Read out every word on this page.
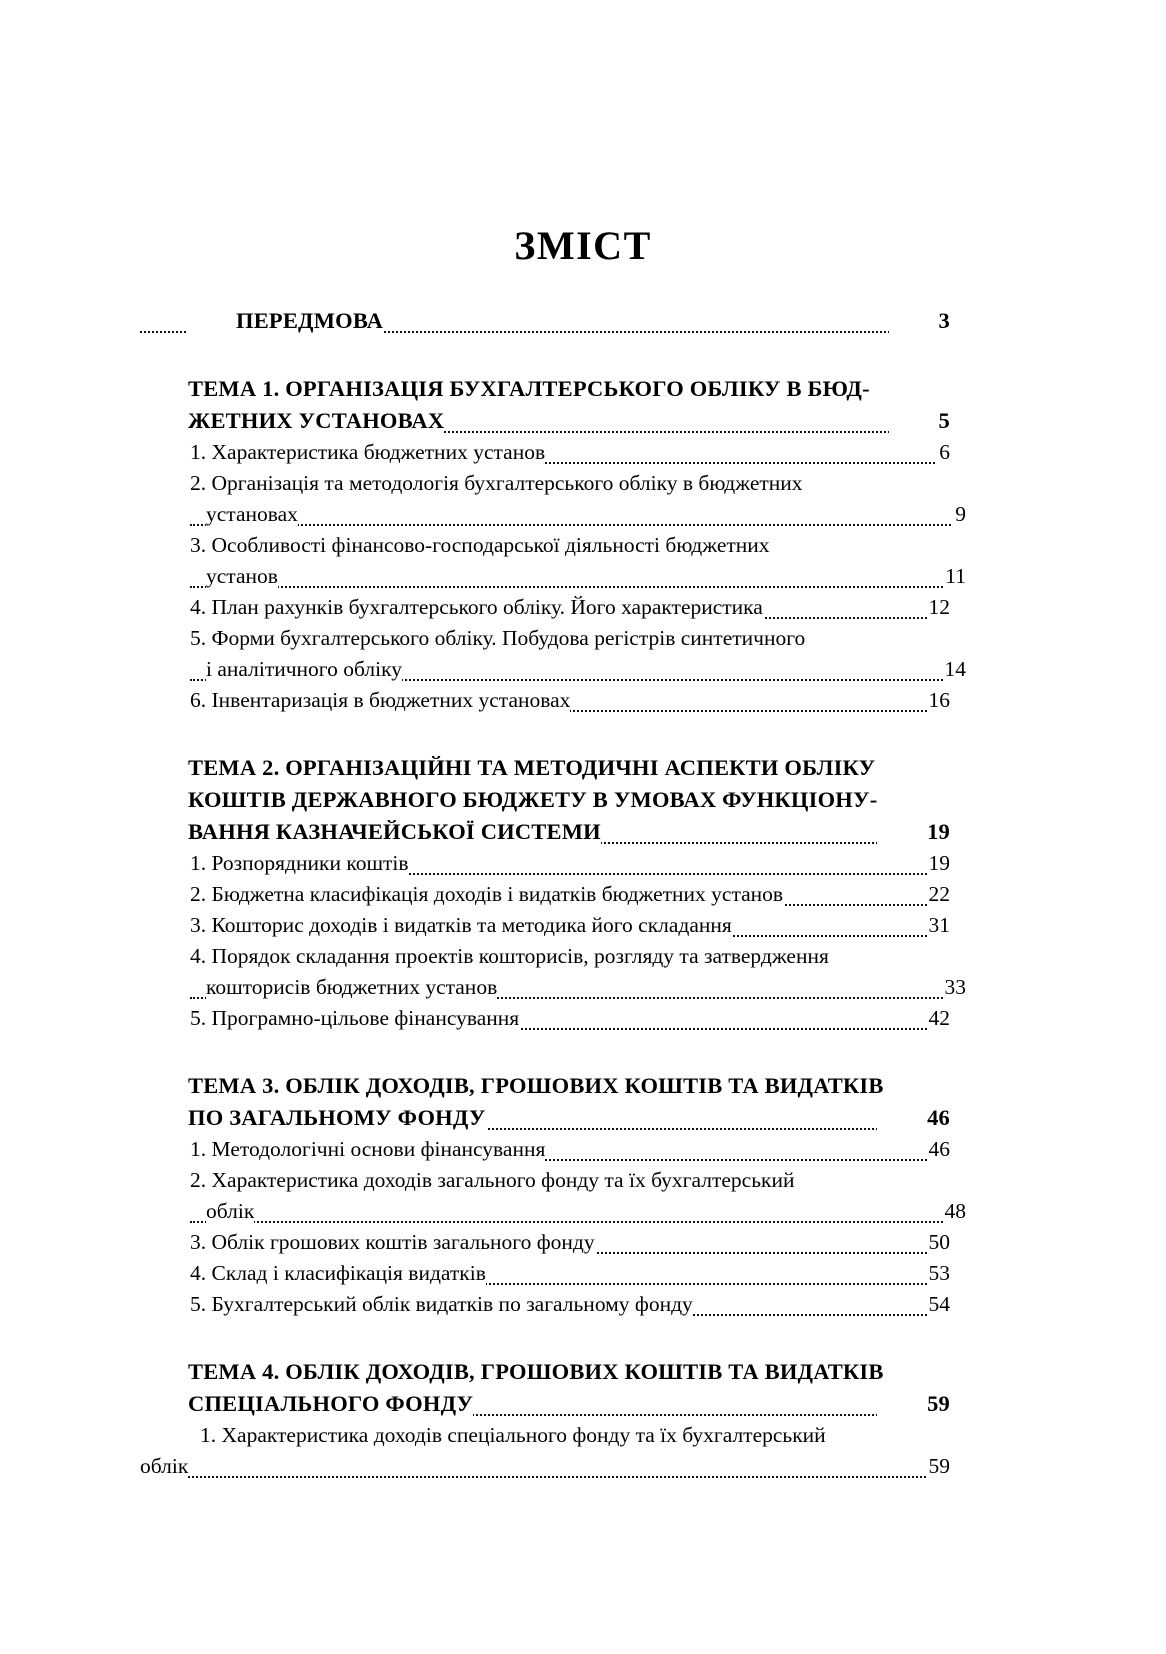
ЗМІСТ
3
ПЕРЕДМОВА
ТЕМА 1. ОРГАНІЗАЦІЯ БУХГАЛТЕРСЬКОГО ОБЛІКУ В БЮД-
5
ЖЕТНИХ УСТАНОВАХ
6
1. Характеристика бюджетних установ
2. Організація та методологія бухгалтерського обліку в бюджетних
9
установах
3. Особливості фінансово-господарської діяльності бюджетних
11
установ
12
4. План рахунків бухгалтерського обліку. Його характеристика
5. Форми бухгалтерського обліку. Побудова регістрів синтетичного
14
і аналітичного обліку
16
6. Інвентаризація в бюджетних установах
ТЕМА 2. ОРГАНІЗАЦІЙНІ ТА МЕТОДИЧНІ АСПЕКТИ ОБЛІКУ
КОШТІВ ДЕРЖАВНОГО БЮДЖЕТУ В УМОВАХ ФУНКЦІОНУ-
19
ВАННЯ КАЗНАЧЕЙСЬКОЇ СИСТЕМИ
19
1. Розпорядники коштів
22
2. Бюджетна класифікація доходів і видатків бюджетних установ
31
3. Кошторис доходів і видатків та методика його складання
4. Порядок складання проектів кошторисів, розгляду та затвердження
33
кошторисів бюджетних установ
42
5. Програмно-цільове фінансування
ТЕМА 3. ОБЛІК ДОХОДІВ, ГРОШОВИХ КОШТІВ ТА ВИДАТКІВ
46
ПО ЗАГАЛЬНОМУ ФОНДУ
46
1. Методологічні основи фінансування
2. Характеристика доходів загального фонду та їх бухгалтерський
48
облік
50
3. Облік грошових коштів загального фонду
53
4. Склад і класифікація видатків
54
5. Бухгалтерський облік видатків по загальному фонду
ТЕМА 4. ОБЛІК ДОХОДІВ, ГРОШОВИХ КОШТІВ ТА ВИДАТКІВ
59
СПЕЦІАЛЬНОГО ФОНДУ
1. Характеристика доходів спеціального фонду та їх бухгалтерський
59
облік
